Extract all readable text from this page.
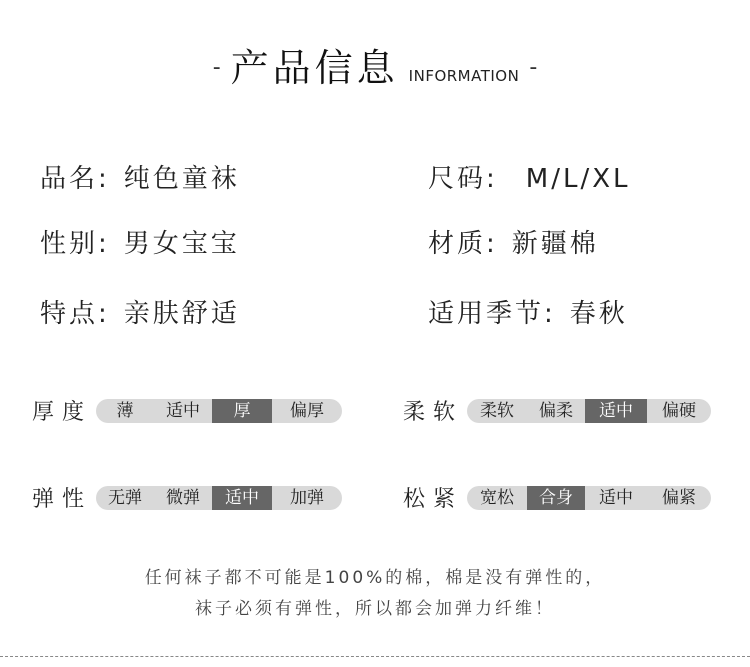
- 产品信息 INFORMATION -
品名: 纯色童袜	尺码: M/L/XL
性别: 男女宝宝	材质: 新疆棉
特点: 亲肤舒适	适用季节: 春秋
厚度	薄	适中	厚	偏厚	柔软	柔软	偏柔	适中	偏硬
弹性 无弹	微弹	适中	加弹	松紧	宽松	合身	适中	偏紧
任何袜子都不可能是100%的棉，棉是没有弹性的，
袜子必须有弹性，所以都会加弹力纤维！
